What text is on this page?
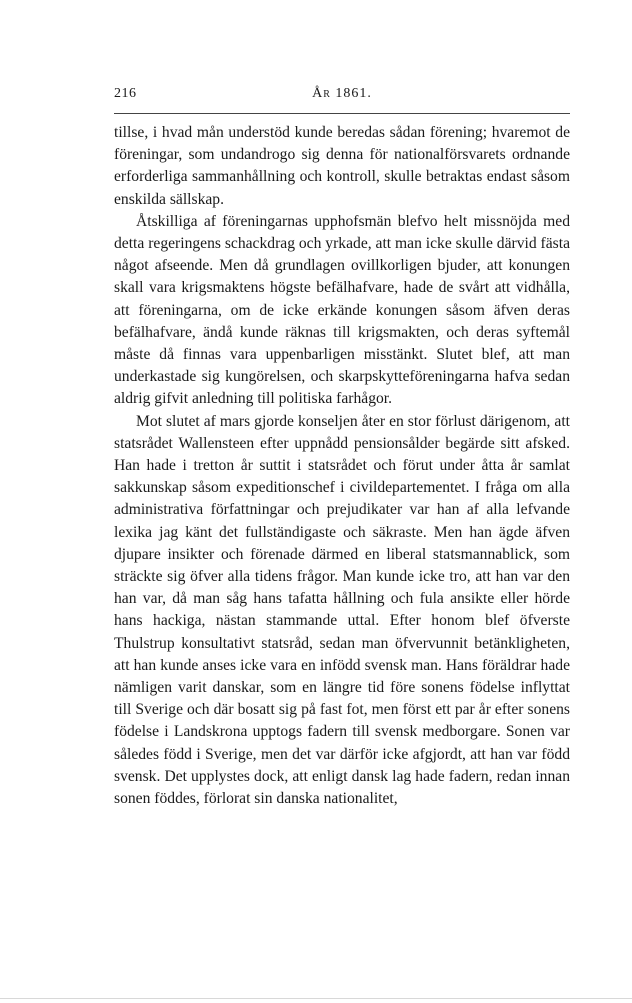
216	År 1861.

tillse, i hvad mån understöd kunde beredas sådan förening; hvaremot de föreningar, som undandrogo sig denna för nationalförsvarets ordnande erforderliga sammanhållning och kontroll, skulle betraktas endast såsom enskilda sällskap.

Åtskilliga af föreningarnas upphofsmän blefvo helt missnöjda med detta regeringens schackdrag och yrkade, att man icke skulle därvid fästa något afseende. Men då grundlagen ovillkorligen bjuder, att konungen skall vara krigsmaktens högste befälhafvare, hade de svårt att vidhålla, att föreningarna, om de icke erkände konungen såsom äfven deras befälhafvare, ändå kunde räknas till krigsmakten, och deras syftemål måste då finnas vara uppenbarligen misstänkt. Slutet blef, att man underkastade sig kungörelsen, och skarpskytteföreningarna hafva sedan aldrig gifvit anledning till politiska farhågor.

Mot slutet af mars gjorde konseljen åter en stor förlust därigenom, att statsrådet Wallensteen efter uppnådd pensionsålder begärde sitt afsked. Han hade i tretton år suttit i statsrådet och förut under åtta år samlat sakkunskap såsom expeditionschef i civildepartementet. I fråga om alla administrativa författningar och prejudikater var han af alla lefvande lexika jag känt det fullständigaste och säkraste. Men han ägde äfven djupare insikter och förenade därmed en liberal statsmannablick, som sträckte sig öfver alla tidens frågor. Man kunde icke tro, att han var den han var, då man såg hans tafatta hållning och fula ansikte eller hörde hans hackiga, nästan stammande uttal. Efter honom blef öfverste Thulstrup konsultativt statsråd, sedan man öfvervunnit betänkligheten, att han kunde anses icke vara en infödd svensk man. Hans föräldrar hade nämligen varit danskar, som en längre tid före sonens födelse inflyttat till Sverige och där bosatt sig på fast fot, men först ett par år efter sonens födelse i Landskrona upptogs fadern till svensk medborgare. Sonen var således född i Sverige, men det var därför icke afgjordt, att han var född svensk. Det upplystes dock, att enligt dansk lag hade fadern, redan innan sonen föddes, förlorat sin danska nationalitet,
